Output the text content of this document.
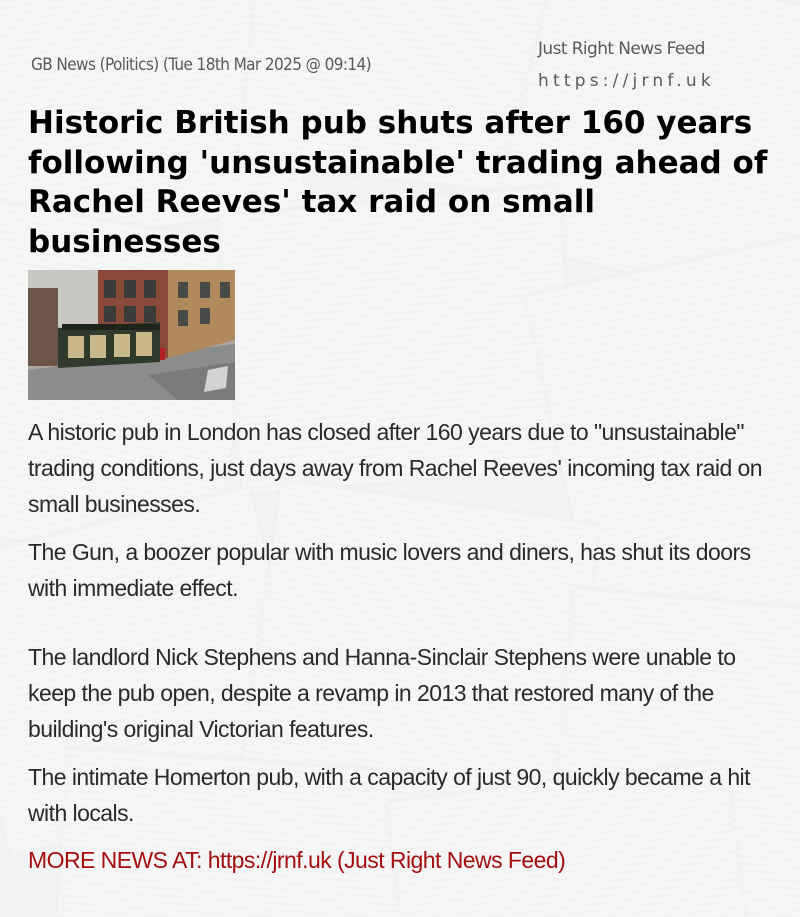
GB News (Politics) (Tue 18th Mar 2025 @ 09:14)
Just Right News Feed
https://jrnf.uk
Historic British pub shuts after 160 years following 'unsustainable' trading ahead of Rachel Reeves' tax raid on small businesses

A historic pub in London has closed after 160 years due to "unsustainable" trading conditions, just days away from Rachel Reeves' incoming tax raid on small businesses.

The Gun, a boozer popular with music lovers and diners, has shut its doors with immediate effect.

The landlord Nick Stephens and Hanna-Sinclair Stephens were unable to keep the pub open, despite a revamp in 2013 that restored many of the building's original Victorian features.

The intimate Homerton pub, with a capacity of just 90, quickly became a hit with locals.

MORE NEWS AT: https://jrnf.uk (Just Right News Feed)
